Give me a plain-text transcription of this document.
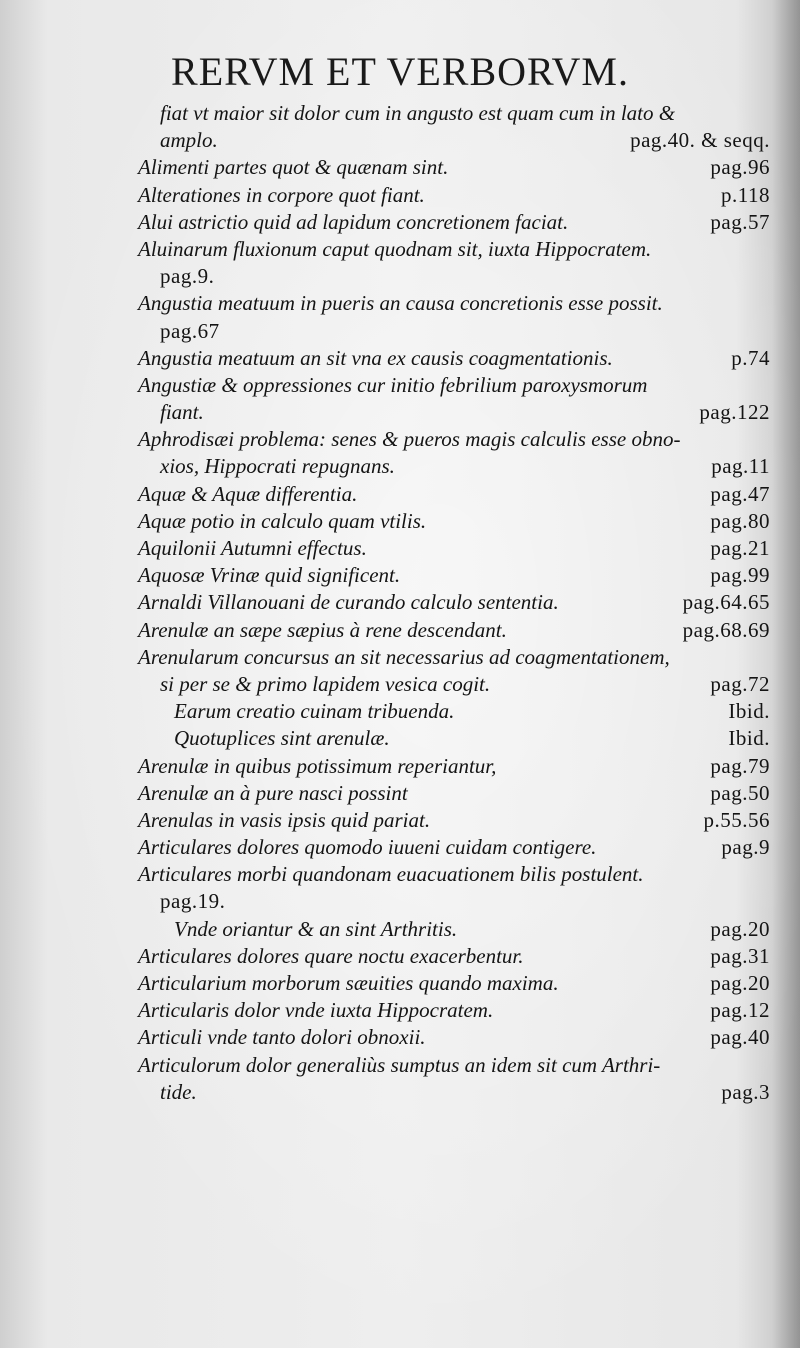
RERVM ET VERBORVM.
fiat vt maior sit dolor cum in angusto est quam cum in lato &
amplo.	pag.40. & seqq.
Alimenti partes quot & quænam sint.	pag.96
Alterationes in corpore quot fiant.	p.118
Alui astrictio quid ad lapidum concretionem faciat.	pag.57
Aluinarum fluxionum caput quodnam sit, iuxta Hippocratem.
pag.9.
Angustia meatuum in pueris an causa concretionis esse possit.
pag.67
Angustia meatuum an sit vna ex causis coagmentationis.	p.74
Angustiæ & oppressiones cur initio febrilium paroxysmorum
fiant.	pag.122
Aphrodisæi problema: senes & pueros magis calculis esse obno-
xios, Hippocrati repugnans.	pag.11
Aquæ & Aquæ differentia.	pag.47
Aquæ potio in calculo quam vtilis.	pag.80
Aquilonii Autumni effectus.	pag.21
Aquosæ Vrinæ quid significent.	pag.99
Arnaldi Villanouani de curando calculo sententia.	pag.64.65
Arenulæ an sæpe sæpius à rene descendant.	pag.68.69
Arenularum concursus an sit necessarius ad coagmentationem,
si per se & primo lapidem vesica cogit.	pag.72
Earum creatio cuinam tribuenda.	Ibid.
Quotuplices sint arenulæ.	Ibid.
Arenulæ in quibus potissimum reperiantur,	pag.79
Arenulæ an à pure nasci possint	pag.50
Arenulas in vasis ipsis quid pariat.	p.55.56
Articulares dolores quomodo iuueni cuidam contigere.	pag.9
Articulares morbi quandonam euacuationem bilis postulent.
pag.19.
Vnde oriantur & an sint Arthritis.	pag.20
Articulares dolores quare noctu exacerbentur.	pag.31
Articularium morborum sæuities quando maxima.	pag.20
Articularis dolor vnde iuxta Hippocratem.	pag.12
Articuli vnde tanto dolori obnoxii.	pag.40
Articulorum dolor generaliùs sumptus an idem sit cum Arthri-
tide.	pag.3
